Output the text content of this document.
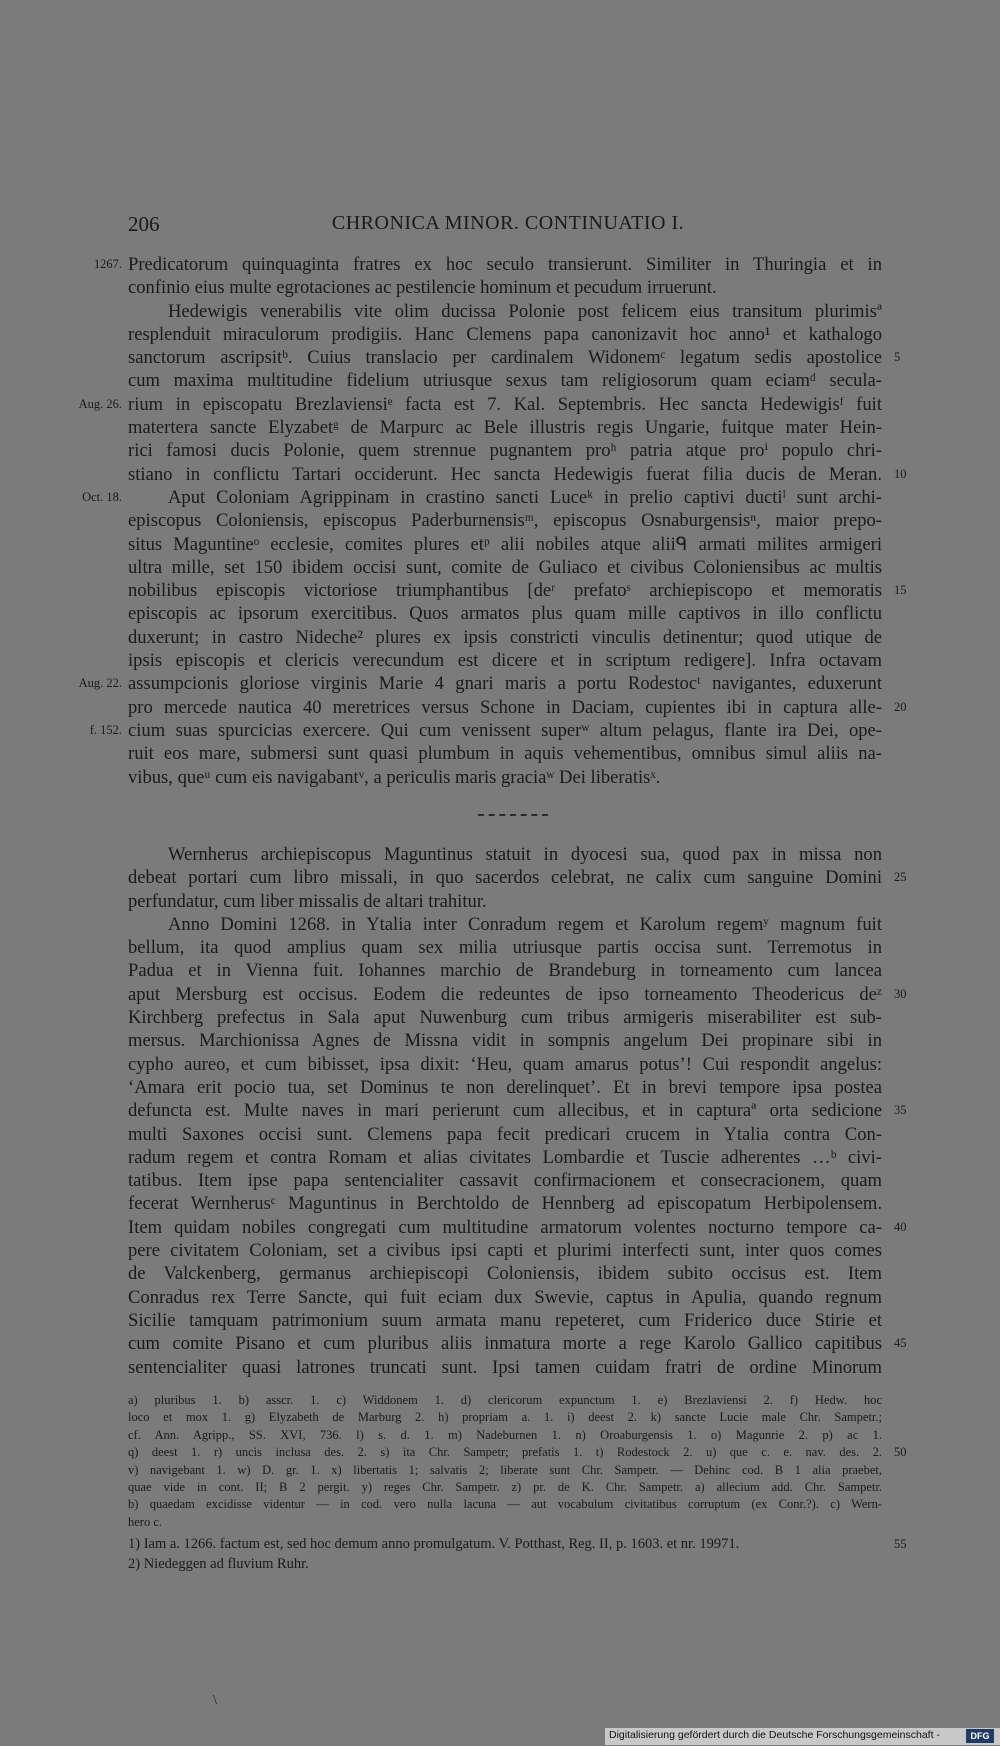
206	CHRONICA MINOR. CONTINUATIO I.
Predicatorum quinquaginta fratres ex hoc seculo transierunt. Similiter in Thuringia et in
1267.
confinio eius multe egrotaciones ac pestilencie hominum et pecudum irruerunt.
Hedewigis venerabilis vite olim ducissa Polonie post felicem eius transitum plurimisª
resplenduit miraculorum prodigiis. Hanc Clemens papa canonizavit hoc anno¹ et kathalogo
sanctorum ascripsitᵇ. Cuius translacio per cardinalem Widonemᶜ legatum sedis apostolice 5
cum maxima multitudine fidelium utriusque sexus tam religiosorum quam eciamᵈ secula-
rium in episcopatu Brezlaviensiᵉ facta est 7. Kal. Septembris. Hec sancta Hedewigisᶠ fuit
Aug. 26.
matertera sancte Elyzabetᵍ de Marpurc ac Bele illustris regis Ungarie, fuitque mater Hein-
rici famosi ducis Polonie, quem strennue pugnantem proʰ patria atque proⁱ populo chri-
stiano in conflictu Tartari occiderunt. Hec sancta Hedewigis fuerat filia ducis de Meran. 10
Aput Coloniam Agrippinam in crastino sancti Luceᵏ in prelio captivi ductiˡ sunt archi-
Oct. 18.
episcopus Coloniensis, episcopus Paderburnensisᵐ, episcopus Osnaburgensisⁿ, maior prepo-
situs Maguntineᵒ ecclesie, comites plures etᵖ alii nobiles atque aliiᑫ armati milites armigeri
ultra mille, set 150 ibidem occisi sunt, comite de Guliaco et civibus Coloniensibus ac multis
nobilibus episcopis victoriose triumphantibus [deʳ prefatoˢ archiepiscopo et memoratis 15
episcopis ac ipsorum exercitibus. Quos armatos plus quam mille captivos in illo conflictu
duxerunt; in castro Nideche² plures ex ipsis constricti vinculis detinentur; quod utique de
ipsis episcopis et clericis verecundum est dicere et in scriptum redigere]. Infra octavam
assumpcionis gloriose virginis Marie 4 gnari maris a portu Rodestocᵗ navigantes, eduxerunt
Aug. 22.
pro mercede nautica 40 meretrices versus Schone in Daciam, cupientes ibi in captura alle- 20
cium suas spurcicias exercere. Qui cum venissent superʷ altum pelagus, flante ira Dei, ope-
f. 152.
ruit eos mare, submersi sunt quasi plumbum in aquis vehementibus, omnibus simul aliis na-
vibus, queᵘ cum eis navigabantᵛ, a periculis maris graciaʷ Dei liberatisˣ.
Wernherus archiepiscopus Maguntinus statuit in dyocesi sua, quod pax in missa non
debeat portari cum libro missali, in quo sacerdos celebrat, ne calix cum sanguine Domini 25
perfundatur, cum liber missalis de altari trahitur.
Anno Domini 1268. in Ytalia inter Conradum regem et Karolum regemʸ magnum fuit
bellum, ita quod amplius quam sex milia utriusque partis occisa sunt. Terremotus in
Padua et in Vienna fuit. Iohannes marchio de Brandeburg in torneamento cum lancea
aput Mersburg est occisus. Eodem die redeuntes de ipso torneamento Theodericus deᶻ 30
Kirchberg prefectus in Sala aput Nuwenburg cum tribus armigeris miserabiliter est sub-
mersus. Marchionissa Agnes de Missna vidit in sompnis angelum Dei propinare sibi in
cypho aureo, et cum bibisset, ipsa dixit: ‘Heu, quam amarus potus’! Cui respondit angelus:
‘Amara erit pocio tua, set Dominus te non derelinquet’. Et in brevi tempore ipsa postea
defuncta est. Multe naves in mari perierunt cum allecibus, et in capturaª orta sedicione 35
multi Saxones occisi sunt. Clemens papa fecit predicari crucem in Ytalia contra Con-
radum regem et contra Romam et alias civitates Lombardie et Tuscie adherentes …ᵇ civi-
tatibus. Item ipse papa sentencialiter cassavit confirmacionem et consecracionem, quam
fecerat Wernherusᶜ Maguntinus in Berchtoldo de Hennberg ad episcopatum Herbipolensem.
Item quidam nobiles congregati cum multitudine armatorum volentes nocturno tempore ca- 40
pere civitatem Coloniam, set a civibus ipsi capti et plurimi interfecti sunt, inter quos comes
de Valckenberg, germanus archiepiscopi Coloniensis, ibidem subito occisus est. Item
Conradus rex Terre Sancte, qui fuit eciam dux Swevie, captus in Apulia, quando regnum
Sicilie tamquam patrimonium suum armata manu repeteret, cum Friderico duce Stirie et
cum comite Pisano et cum pluribus aliis inmatura morte a rege Karolo Gallico capitibus 45
sentencialiter quasi latrones truncati sunt. Ipsi tamen cuidam fratri de ordine Minorum
a) pluribus 1. b) asscr. 1. c) Widdonem 1. d) clericorum expunctum 1. e) Brezlaviensi 2. f) Hedw. hoc
loco et mox 1. g) Elyzabeth de Marburg 2. h) propriam a. 1. i) deest 2. k) sancte Lucie male Chr. Sampetr.;
cf. Ann. Agripp., SS. XVI, 736. l) s. d. 1. m) Nadeburnen 1. n) Oroaburgensis 1. o) Magunrie 2. p) ac 1.
q) deest 1. r) uncis inclusa des. 2. s) ita Chr. Sampetr; prefatis 1. t) Rodestock 2. u) que c. e. nav. des. 2. 50
v) navigebant 1. w) D. gr. 1. x) libertatis 1; salvatis 2; liberate sunt Chr. Sampetr. — Dehinc cod. B 1 alia praebet,
quae vide in cont. II; B 2 pergit. y) reges Chr. Sampetr. z) pr. de K. Chr. Sampetr. a) allecium add. Chr. Sampetr.
b) quaedam excidisse videntur — in cod. vero nulla lacuna — aut vocabulum civitatibus corruptum (ex Conr.?). c) Wern-
hero c.
1) Iam a. 1266. factum est, sed hoc demum anno promulgatum. V. Potthast, Reg. II, p. 1603. et nr. 19971.	55
2) Niedeggen ad fluvium Ruhr.
\
Digitalisierung gefördert durch die Deutsche Forschungsgemeinschaft -	DFG
